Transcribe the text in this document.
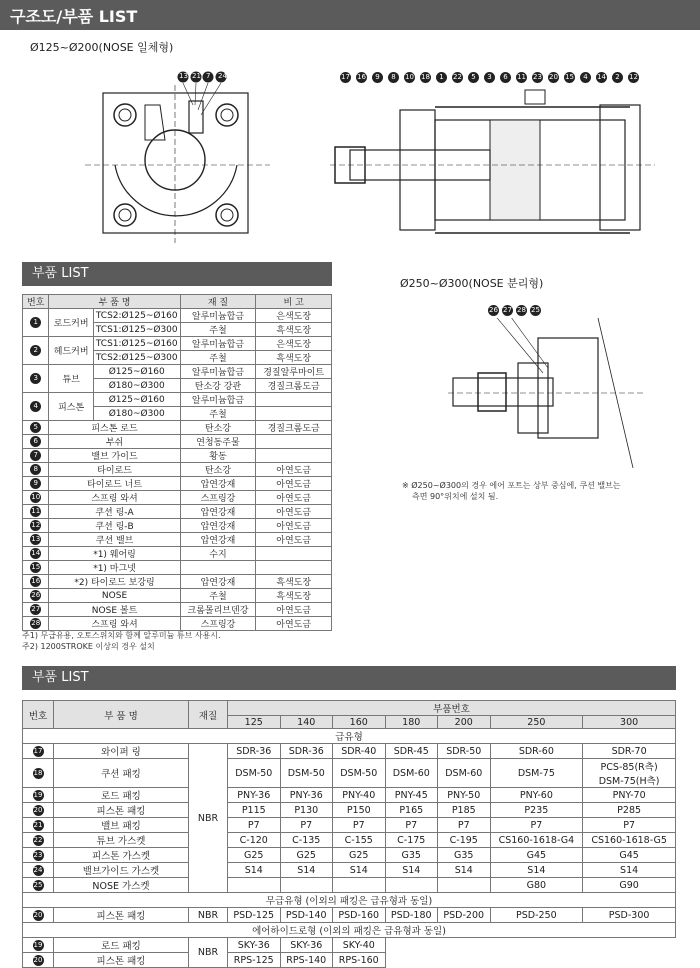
구조도/부품 LIST
Ø125~Ø200(NOSE 일체형)
13 21 7 24	17 16	9	8	10 18	1	22	5	3	6	11 23 20 15	4	14	2	12
부품 LIST
번호	부 품 명		재 질	비 고
1	로드커버	TCS2:Ø125~Ø160	알루미늄합금	은색도장
		TCS1:Ø125~Ø300	주철	흑색도장
2	헤드커버	TCS1:Ø125~Ø160	알루미늄합금	은색도장
		TCS2:Ø125~Ø300	주철	흑색도장
3	튜브	Ø125~Ø160	알루미늄합금	경질알루마이트
		Ø180~Ø300	탄소강 강관	경질크롬도금
4	피스톤	Ø125~Ø160	알루미늄합금	
		Ø180~Ø300	주철	
5	피스톤 로드		탄소강	경질크롬도금
6	부쉬		연청동주물	
7	밸브 가이드		황동	
8	타이로드		탄소강	아연도금
9	타이로드 너트		압연강재	아연도금
10	스프링 와셔		스프링강	아연도금
11	쿠션 링-A		압연강재	아연도금
12	쿠션 링-B		압연강재	아연도금
13	쿠션 밸브		압연강재	아연도금
14	*1) 웨어링		수지	
15	*1) 마그넷			
16	*2) 타이로드 보강링		압연강재	흑색도장
26	NOSE		주철	흑색도장
27	NOSE 볼트		크롬몰리브덴강	아연도금
28	스프링 와셔		스프링강	아연도금
주1) 무급유용, 오토스위치와 함께 알루미늄 튜브 사용시.
주2) 1200STROKE 이상의 경우 설치
Ø250~Ø300(NOSE 분리형)
26 27 28 25
※ Ø250~Ø300의 경우 에어 포트는 상부 중심에, 쿠션 밸브는
측면 90°위치에 설치 됨.
부품 LIST
번호	부 품 명	재질	부품번호						
			125	140	160	180	200	250	300
급유형									
17	와이퍼 링	NBR	SDR-36	SDR-36	SDR-40	SDR-45	SDR-50	SDR-60	SDR-70

18	쿠션 패킹		DSM-50	DSM-50	DSM-50	DSM-60	DSM-60	DSM-75	PCS-85(R측)
DSM-75(H측)

19	로드 패킹		PNY-36	PNY-36	PNY-40	PNY-45	PNY-50	PNY-60	PNY-70

20	피스톤 패킹		P115	P130	P150	P165	P185	P235	P285

21	밸브 패킹		P7	P7	P7	P7	P7	P7	P7

22	튜브 가스켓		C-120	C-135	C-155	C-175	C-195	CS160-1618-G4	CS160-1618-G5

23	피스톤 가스켓		G25	G25	G25	G35	G35	G45	G45

24	밸브가이드 가스켓		S14	S14	S14	S14	S14	S14	S14

25	NOSE 가스켓							G80	G90

무급유형 (이외의 패킹은 급유형과 동일)									
20	피스톤 패킹	NBR	PSD-125	PSD-140	PSD-160	PSD-180	PSD-200	PSD-250	PSD-300
에어하이드로형 (이외의 패킹은 급유형과 동일)									
19	로드 패킹	NBR	SKY-36	SKY-36	SKY-40				
20	피스톤 패킹		RPS-125	RPS-140	RPS-160				
